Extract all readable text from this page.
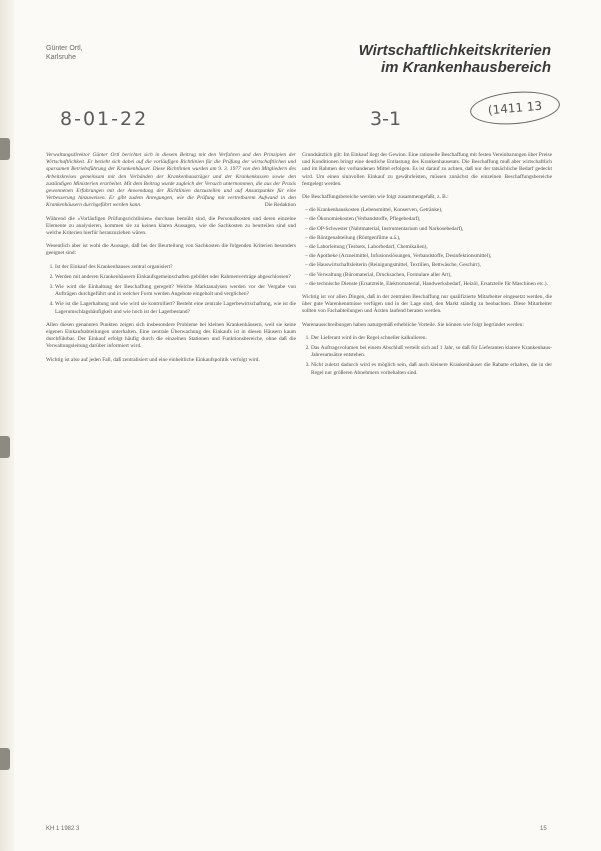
Günter Ortl,
Karlsruhe	Wirtschaftlichkeitskriterien
im Krankenhausbereich
8-01-22	3-1	(1411 13

Verwaltungsdirektor Günter Ortl berichtet sich in diesem Beitrag mit den Verfahren und den Prinzipien der Wirtschaftlichkeit. Er bezieht sich dabei auf die vorläufigen Richtlinien für die Prüfung der wirtschaftlichen und sparsamen Betriebsführung der Krankenhäuser. Diese Richtlinien wurden am 9. 3. 1977 von den Mitgliedern des Arbeitskreises gemeinsam mit den Verbänden der Krankenhausträger und der Krankenkassen sowie den zuständigen Ministerien erarbeitet. Mit dem Beitrag wurde zugleich der Versuch unternommen, die aus der Praxis gewonnenen Erfahrungen mit der Anwendung der Richtlinien darzustellen und auf Ansatzpunkte für eine Verbesserung hinzuweisen. Er gibt zudem Anregungen, wie die Prüfung mit vertretbarem Aufwand in den Krankenhäusern durchgeführt werden kann.	Die Redaktion

Während die »Vorläufigen Prüfungsrichtlinien« durchaus bemüht sind, die Personalkosten und deren einzelne Elemente zu analysieren, kommen sie zu keinen klaren Aussagen, wie die Sachkosten zu beurteilen sind und welche Kriterien hierfür heranzuziehen wären.

Wesentlich aber ist wohl die Aussage, daß bei der Beurteilung von Sachkosten die folgenden Kriterien besonders geeignet sind:

1. Ist der Einkauf des Krankenhauses zentral organisiert?
2. Werden mit anderen Krankenhäusern Einkaufsgemeinschaften gebildet oder Rahmenverträge abgeschlossen?
3. Wie wird die Einhaltung der Beschaffung geregelt? Welche Marktanalysen werden vor der Vergabe von Aufträgen durchgeführt und in welcher Form werden Angebote eingeholt und verglichen?
4. Wie ist die Lagerhaltung und wie wird sie kontrolliert? Besteht eine zentrale Lagerbewirtschaftung, wie ist die Lagerumschlagshäufigkeit und wie hoch ist der Lagerbestand?

Allen diesen genannten Punkten zeigen sich insbesondere Probleme bei kleinen Krankenhäusern, weil sie keine eigenen Einkaufsabteilungen unterhalten. Eine zentrale Überwachung des Einkaufs ist in diesen Häusern kaum durchführbar. Der Einkauf erfolgt häufig durch die einzelnen Stationen und Funktionsbereiche, ohne daß die Verwaltungsleitung darüber informiert wird.

Wichtig ist also auf jeden Fall, daß zentralisiert und eine einheitliche Einkaufspolitik verfolgt wird.

Grundsätzlich gilt: Im Einkauf liegt der Gewinn. Eine rationelle Beschaffung mit festen Vereinbarungen über Preise und Konditionen bringt eine deutliche Entlastung des Krankenhausetats. Die Beschaffung muß aber wirtschaftlich und im Rahmen der vorhandenen Mittel erfolgen. Es ist darauf zu achten, daß nur der tatsächliche Bedarf gedeckt wird. Um einen sinnvollen Einkauf zu gewährleisten, müssen zunächst die einzelnen Beschaffungsbereiche festgelegt werden.

Die Beschaffungsbereiche werden wie folgt zusammengefaßt, z. B.:

– die Krankenhauskosten (Lebensmittel, Konserven, Getränke),
– die Ökonomiekosten (Verbandstoffe, Pflegebedarf),
– die OP-Schwester (Nahtmaterial, Instrumentarium und Narkosebedarf),
– die Röntgenabteilung (Röntgenfilme u.ä.),
– die Laborleitung (Testsets, Laborbedarf, Chemikalien),
– die Apotheke (Arzneimittel, Infusionslösungen, Verbandstoffe, Desinfektionsmittel),
– die Hauswirtschaftsleiterin (Reinigungsmittel, Textilien, Bettwäsche, Geschirr),
– die Verwaltung (Büromaterial, Drucksachen, Formulare aller Art),
– die technische Dienste (Ersatzteile, Elektromaterial, Handwerksbedarf, Heizöl, Ersatzteile für Maschinen etc.).

Wichtig ist vor allen Dingen, daß in der zentralen Beschaffung nur qualifizierte Mitarbeiter eingesetzt werden, die über gute Warenkenntnisse verfügen und in der Lage sind, den Markt ständig zu beobachten. Diese Mitarbeiter sollten von Fachabteilungen und Ärzten laufend beraten werden.

Warenausschreibungen haben naturgemäß erhebliche Vorteile. Sie können wie folgt begründet werden:

1. Der Lieferant wird in der Regel schneller kalkulieren.
2. Das Auftragsvolumen bei einem Abschluß verteilt sich auf 1 Jahr, so daß für Lieferanten klarere Krankenhaus-Jahresumsätze entstehen.
3. Nicht zuletzt dadurch wird es möglich sein, daß auch kleinere Krankenhäuser die Rabatte erhalten, die in der Regel nur größeren Abnehmern vorbehalten sind.
KH 1 1982 3	15
